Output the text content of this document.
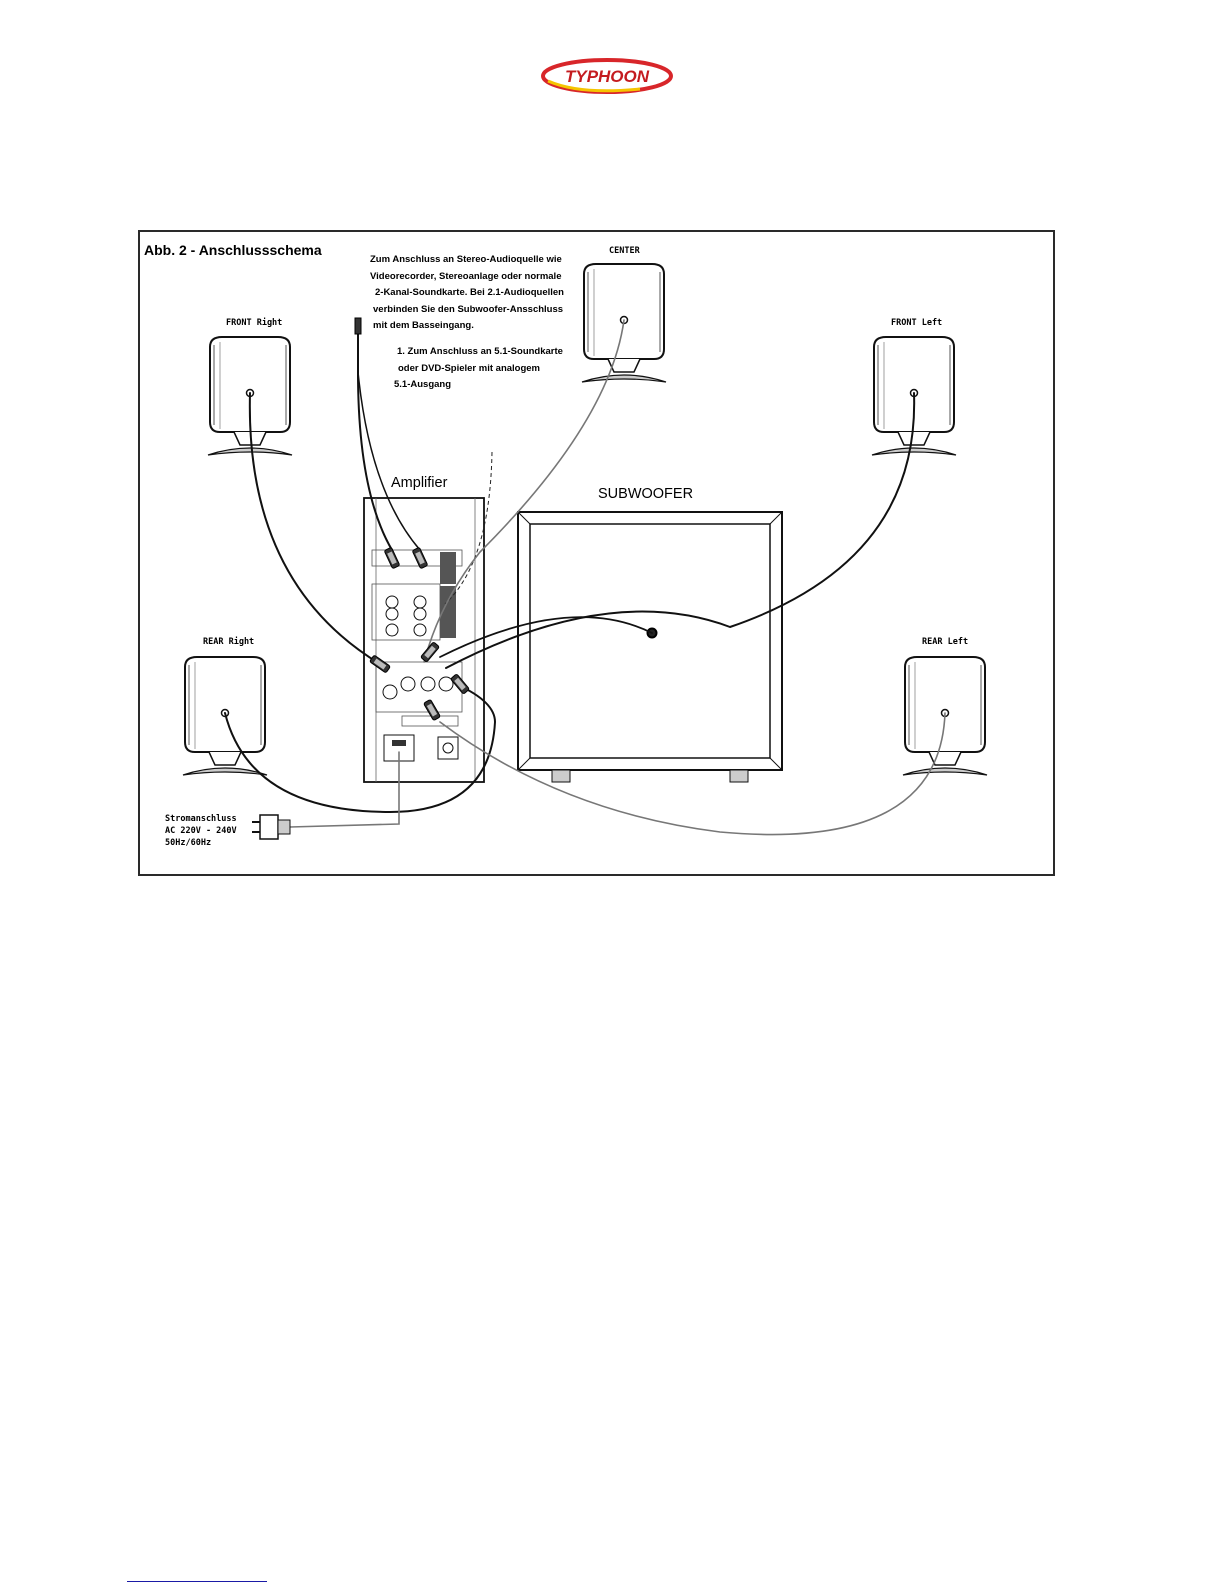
TYPHOON
Abb. 2 - Anschlussschema
Zum Anschluss an Stereo-Audioquelle wie
Videorecorder, Stereoanlage oder normale
2-Kanal-Soundkarte. Bei 2.1-Audioquellen
verbinden Sie den Subwoofer-Ansschluss
mit dem Basseingang.
1. Zum Anschluss an 5.1-Soundkarte
oder DVD-Spieler mit analogem
5.1-Ausgang
CENTER
FRONT Right	FRONT Left
REAR Right	REAR Left
Amplifier
SUBWOOFER
Stromanschluss
AC 220V - 240V
50Hz/60Hz
